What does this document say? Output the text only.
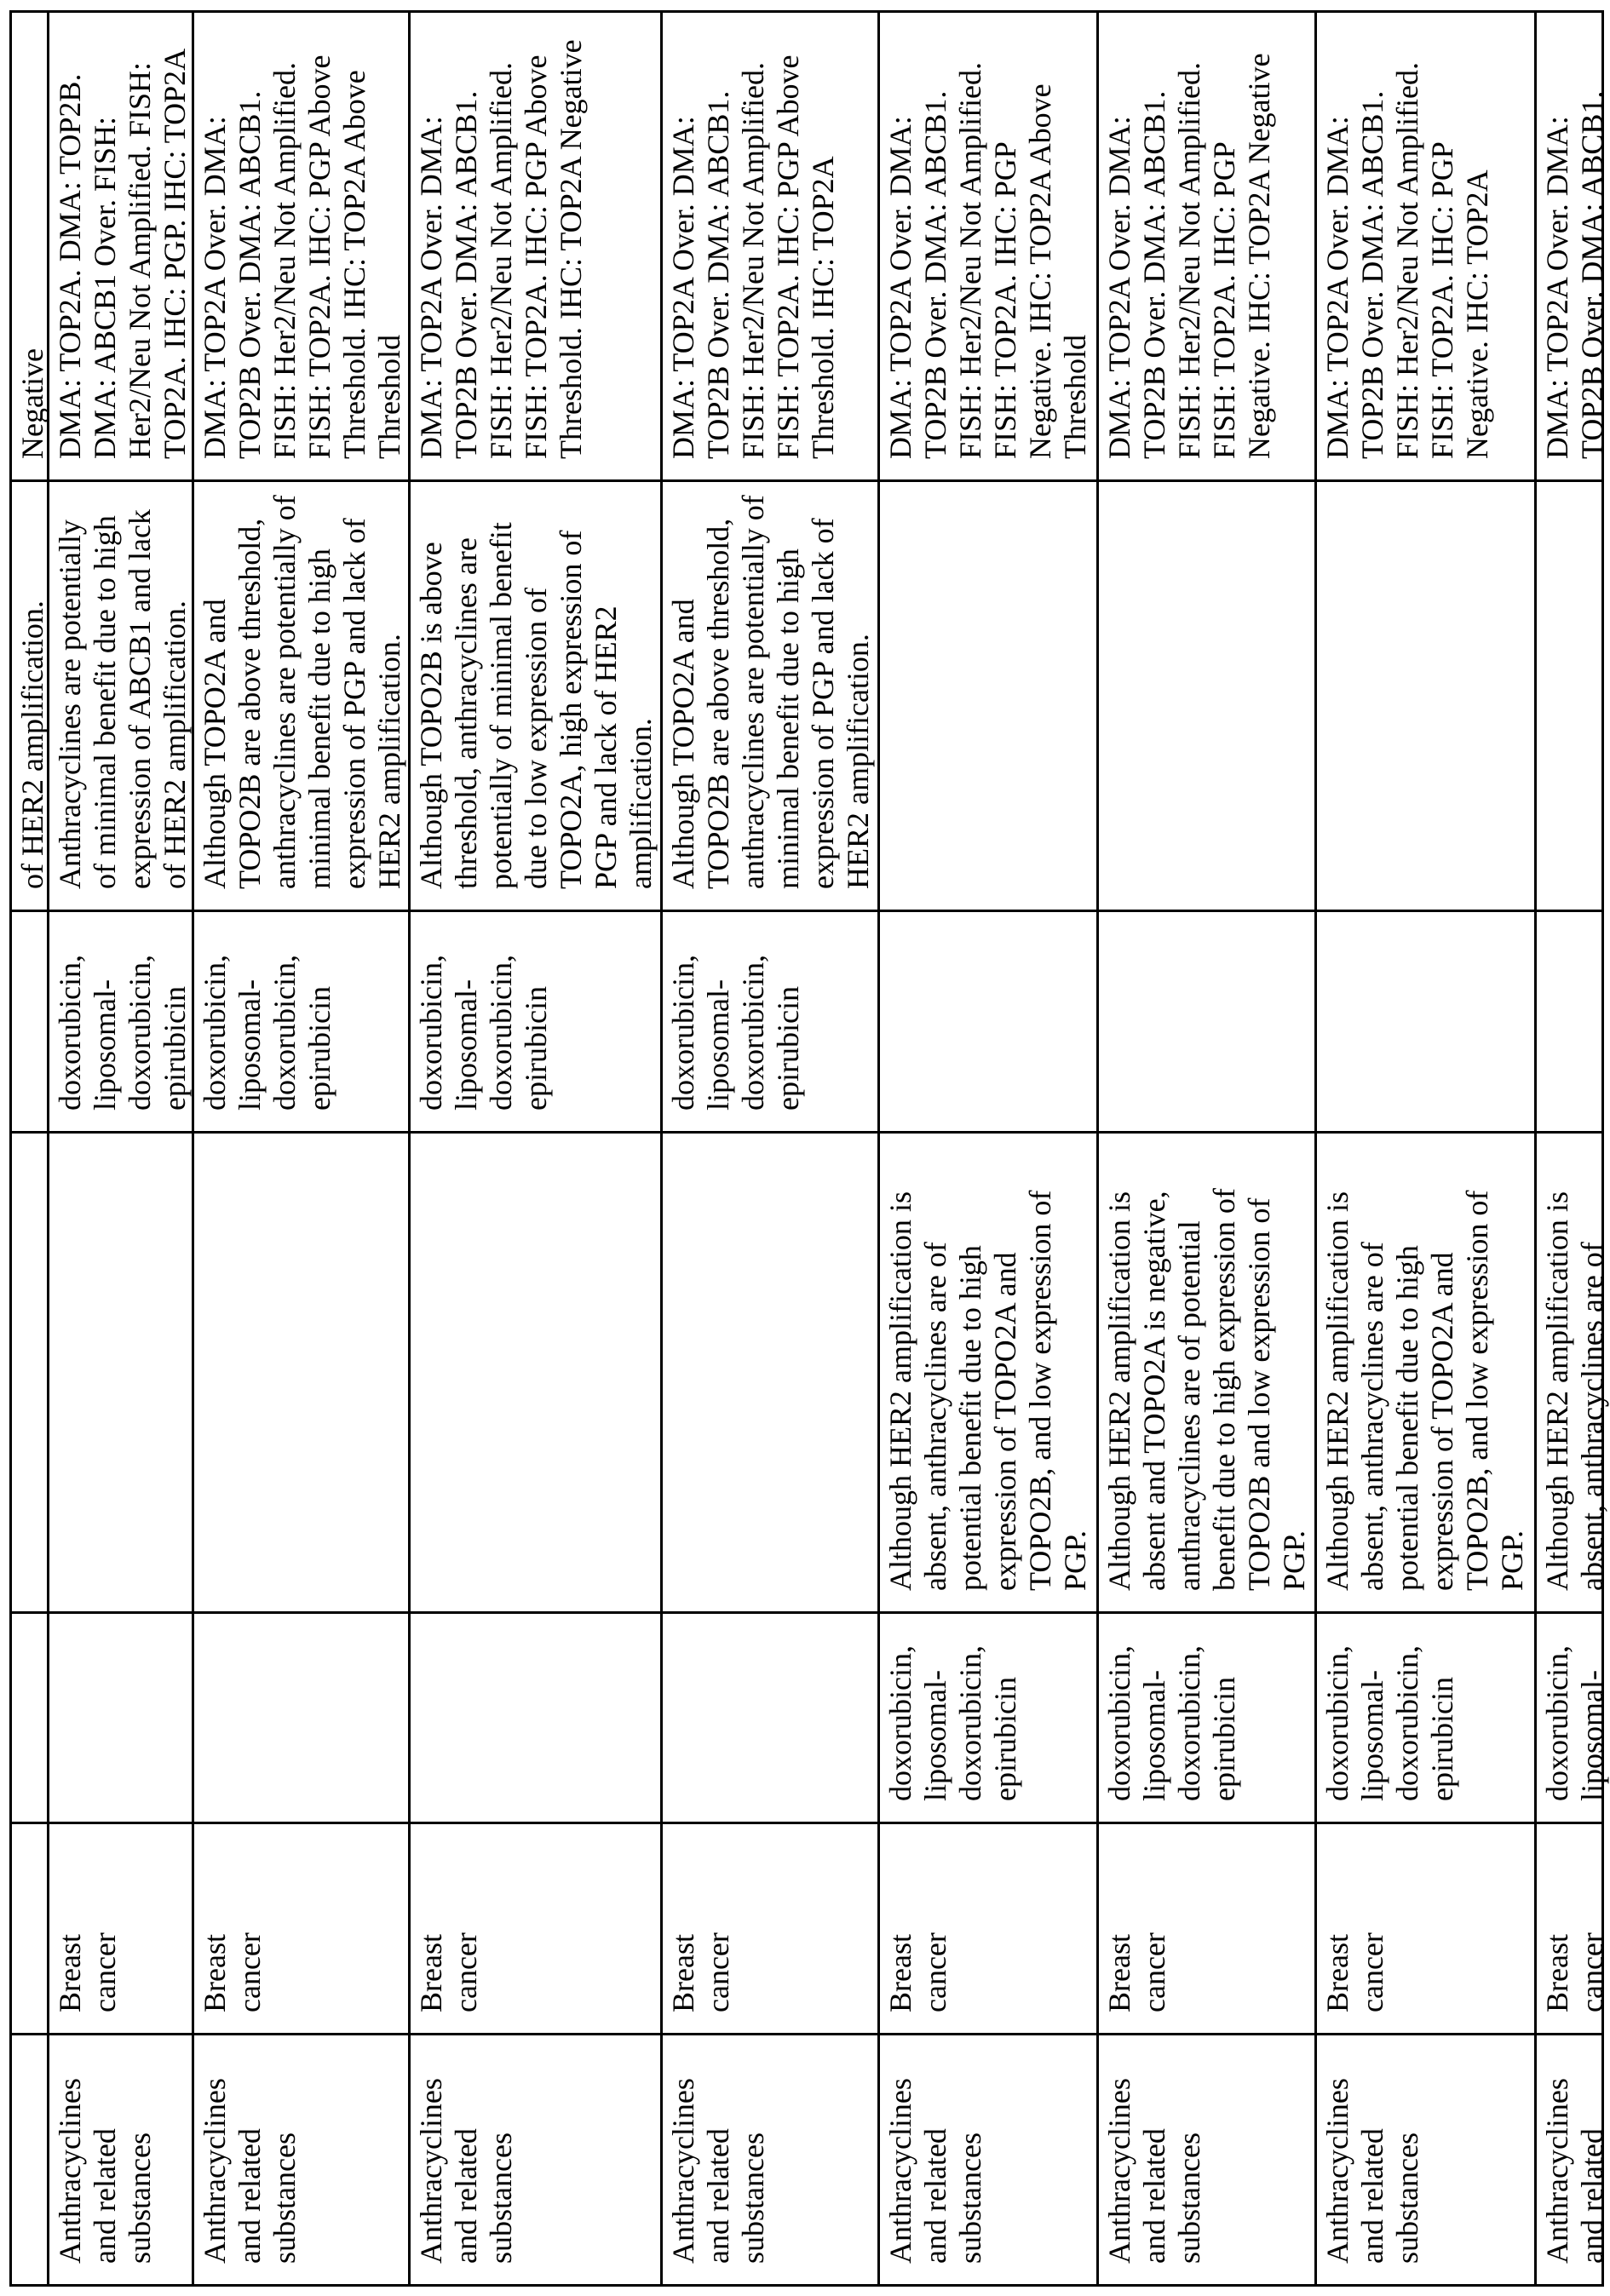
of HER2 amplification.
Negative
Anthracyclines and related substances
Breast cancer
doxorubicin, liposomal-doxorubicin, epirubicin
Anthracyclines are potentially of minimal benefit due to high expression of ABCB1 and lack of HER2 amplification.
DMA: TOP2A. DMA: TOP2B. DMA: ABCB1 Over. FISH: Her2/Neu Not Amplified. FISH: TOP2A. IHC: PGP. IHC: TOP2A
Anthracyclines and related substances
Breast cancer
doxorubicin, liposomal-doxorubicin, epirubicin
Although TOPO2A and TOPO2B are above threshold, anthracyclines are potentially of minimal benefit due to high expression of PGP and lack of HER2 amplification.
DMA: TOP2A Over. DMA: TOP2B Over. DMA: ABCB1. FISH: Her2/Neu Not Amplified. FISH: TOP2A. IHC: PGP Above Threshold. IHC: TOP2A Above Threshold
Anthracyclines and related substances
Breast cancer
doxorubicin, liposomal-doxorubicin, epirubicin
Although TOPO2B is above threshold, anthracyclines are potentially of minimal benefit due to low expression of TOPO2A, high expression of PGP and lack of HER2 amplification.
DMA: TOP2A Over. DMA: TOP2B Over. DMA: ABCB1. FISH: Her2/Neu Not Amplified. FISH: TOP2A. IHC: PGP Above Threshold. IHC: TOP2A Negative
Anthracyclines and related substances
Breast cancer
doxorubicin, liposomal-doxorubicin, epirubicin
Although TOPO2A and TOPO2B are above threshold, anthracyclines are potentially of minimal benefit due to high expression of PGP and lack of HER2 amplification.
DMA: TOP2A Over. DMA: TOP2B Over. DMA: ABCB1. FISH: Her2/Neu Not Amplified. FISH: TOP2A. IHC: PGP Above Threshold. IHC: TOP2A
Anthracyclines and related substances
Breast cancer
doxorubicin, liposomal-doxorubicin, epirubicin
Although HER2 amplification is absent, anthracyclines are of potential benefit due to high expression of TOPO2A and TOPO2B, and low expression of PGP.
DMA: TOP2A Over. DMA: TOP2B Over. DMA: ABCB1. FISH: Her2/Neu Not Amplified. FISH: TOP2A. IHC: PGP Negative. IHC: TOP2A Above Threshold
Anthracyclines and related substances
Breast cancer
doxorubicin, liposomal-doxorubicin, epirubicin
Although HER2 amplification is absent and TOPO2A is negative, anthracyclines are of potential benefit due to high expression of TOPO2B and low expression of PGP.
DMA: TOP2A Over. DMA: TOP2B Over. DMA: ABCB1. FISH: Her2/Neu Not Amplified. FISH: TOP2A. IHC: PGP Negative. IHC: TOP2A Negative
Anthracyclines and related substances
Breast cancer
doxorubicin, liposomal-doxorubicin, epirubicin
Although HER2 amplification is absent, anthracyclines are of potential benefit due to high expression of TOPO2A and TOPO2B, and low expression of PGP.
DMA: TOP2A Over. DMA: TOP2B Over. DMA: ABCB1. FISH: Her2/Neu Not Amplified. FISH: TOP2A. IHC: PGP Negative. IHC: TOP2A
Anthracyclines and related
Breast cancer
doxorubicin, liposomal-
Although HER2 amplification is absent, anthracyclines are of
DMA: TOP2A Over. DMA: TOP2B Over. DMA: ABCB1.
